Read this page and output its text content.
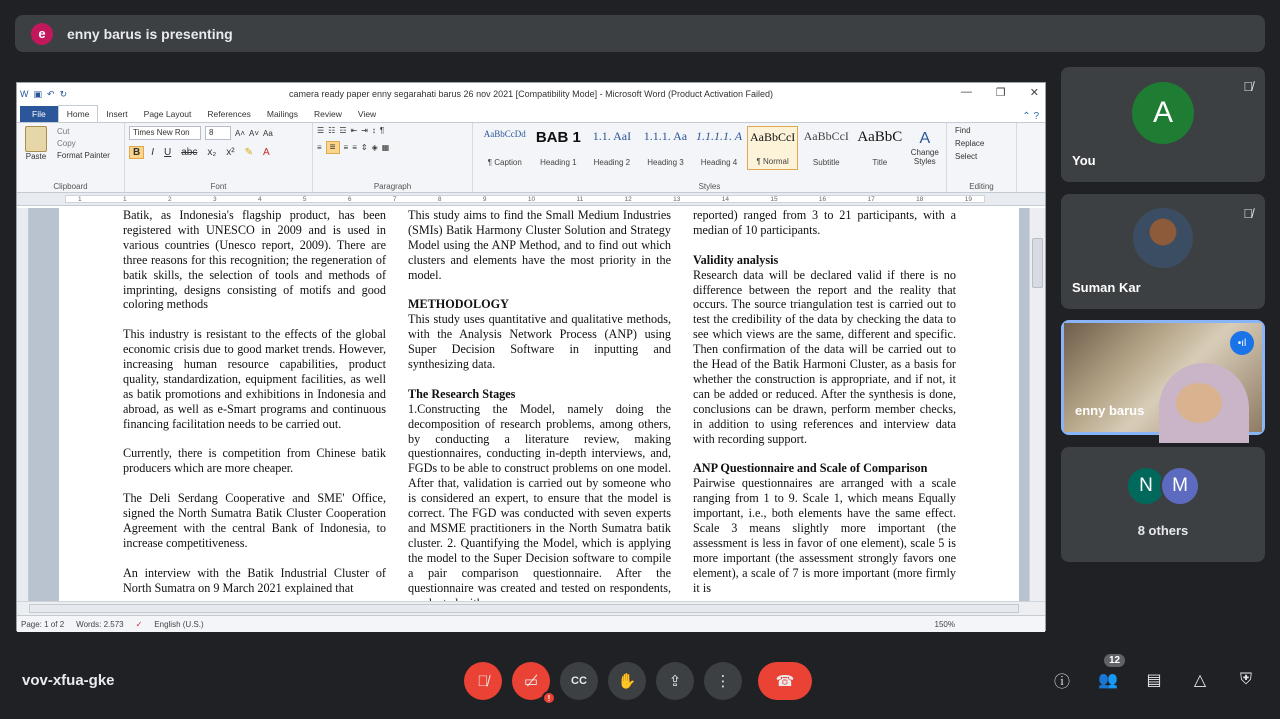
e	enny barus is presenting
W ▣ ↶ ↻	camera ready paper enny segarahati barus 26 nov 2021 [Compatibility Mode] - Microsoft Word (Product Activation Failed)	— ❐ ✕
File	Home	Insert	Page Layout	References	Mailings	Review	View	⌃ ?
Paste
Cut
Copy
Format Painter
Clipboard
Times New Ron	8	A˄ A˅ Aa
B	I	U	abc	x₂	x²	✎	A
Font
☰ ☷ ☲ ⇤ ⇥ ↕ ¶
≡ ≡	≡ ≡ ⇕ ◈ ▦
Paragraph
AaBbCcDd
¶ Caption
BAB 1
Heading 1
1.1. AaI
Heading 2
1.1.1. Aa
Heading 3
1.1.1.1. A
Heading 4
AaBbCcI
¶ Normal
AaBbCcI
Subtitle
AaBbC
Title
A
Change Styles
Styles
Find
Replace
Select
Editing
1	1	2	3	4	5	6	7	8	9	10	11	12	13	14	15	16	17	18	19

Batik, as Indonesia's flagship product, has been registered with UNESCO in 2009 and is used in various countries (Unesco report, 2009). There are three reasons for this recognition; the regeneration of batik skills, the selection of tools and methods of imprinting, designs consisting of motifs and good coloring methods

This industry is resistant to the effects of the global economic crisis due to good market trends. However, increasing human resource capabilities, product quality, standardization, equipment facilities, as well as batik promotions and exhibitions in Indonesia and abroad, as well as e-Smart programs and continuous financing facilitation needs to be carried out.

Currently, there is competition from Chinese batik producers which are more cheaper.

The Deli Serdang Cooperative and SME' Office, signed the North Sumatra Batik Cluster Cooperation Agreement with the central Bank of Indonesia, to increase competitiveness.

An interview with the Batik Industrial Cluster of North Sumatra on 9 March 2021 explained that

This study aims to find the Small Medium Industries (SMIs) Batik Harmony Cluster Solution and Strategy Model using the ANP Method, and to find out which clusters and elements have the most priority in the model.

METHODOLOGY

This study uses quantitative and qualitative methods, with the Analysis Network Process (ANP) using Super Decision Software in inputting and synthesizing data.

The Research Stages

1.Constructing the Model, namely doing the decomposition of research problems, among others, by conducting a literature review, making questionnaires, conducting in-depth interviews, and, FGDs to be able to construct problems on one model. After that, validation is carried out by someone who is considered an expert, to ensure that the model is correct. The FGD was conducted with seven experts and MSME practitioners in the North Sumatra batik cluster. 2. Quantifying the Model, which is applying the model to the Super Decision software to compile a pair comparison questionnaire. After the questionnaire was created and tested on respondents,

reported) ranged from 3 to 21 participants, with a median of 10 participants.

Validity analysis

Research data will be declared valid if there is no difference between the report and the reality that occurs. The source triangulation test is carried out to test the credibility of the data by checking the data to see which views are the same, different and specific. Then confirmation of the data will be carried out to the Head of the Batik Harmoni Cluster, as a basis for whether the construction is appropriate, and if not, it can be added or reduced. After the synthesis is done, conclusions can be drawn, perform member checks, in addition to using references and interview data with recording support.

ANP Questionnaire and Scale of Comparison

Pairwise questionnaires are arranged with a scale ranging from 1 to 9. Scale 1, which means Equally important, i.e., both elements have the same effect. Scale 3 means slightly more important (the assessment is less in favor of one element), scale 5 is more important (the assessment strongly favors one element), a scale of 7 is more important (more firmly it is

Page: 1 of 2 Words: 2.573 ✓ English (U.S.)	150%
A
🎙̸
You
🎙̸
Suman Kar
•ıl
enny barus
N	M
8 others
vov-xfua-gke	🎙̸ ▭̸
!
CC ✋ ⇪ ⋮	☎	ⓘ 👥
12
▤ △ ⛨
